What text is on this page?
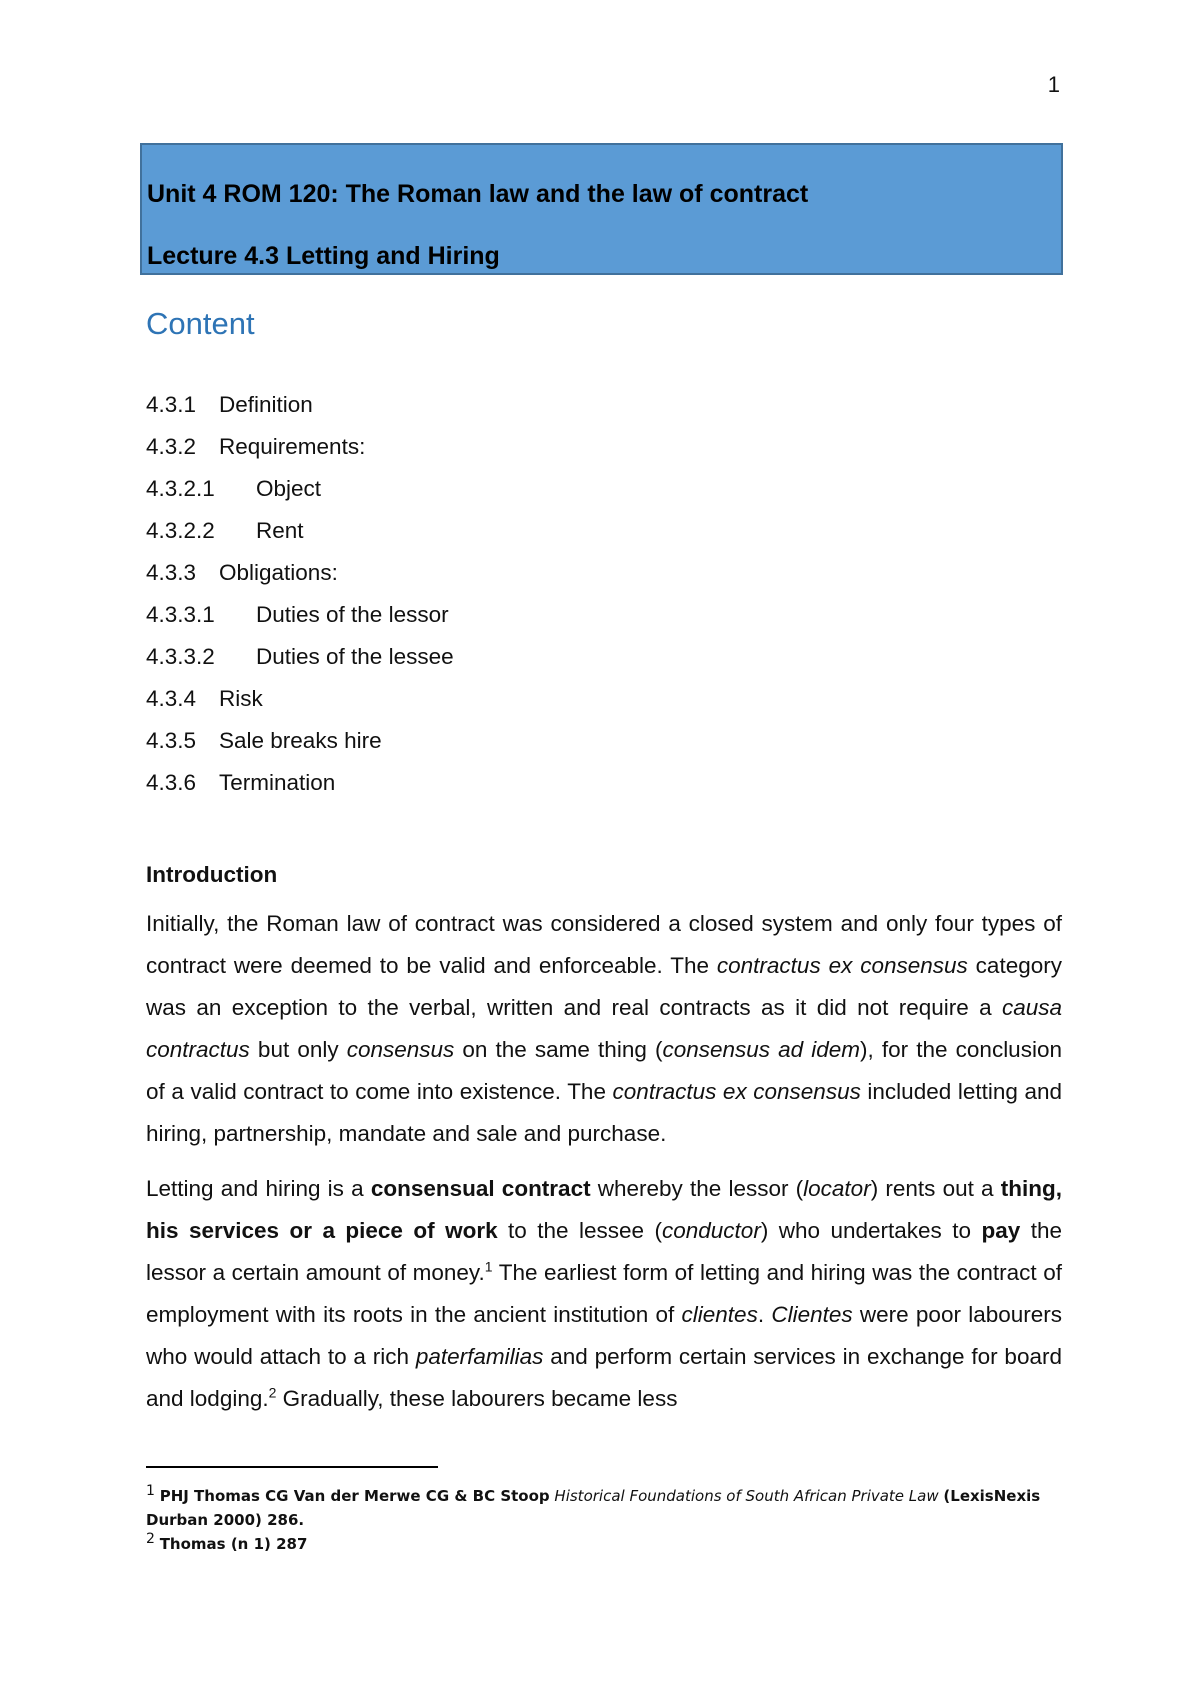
1
Unit 4 ROM 120: The Roman law and the law of contract
Lecture 4.3 Letting and Hiring
Content
4.3.1 Definition
4.3.2 Requirements:
4.3.2.1 Object
4.3.2.2 Rent
4.3.3 Obligations:
4.3.3.1 Duties of the lessor
4.3.3.2 Duties of the lessee
4.3.4 Risk
4.3.5 Sale breaks hire
4.3.6 Termination
Introduction

Initially, the Roman law of contract was considered a closed system and only four types of contract were deemed to be valid and enforceable. The contractus ex consensus category was an exception to the verbal, written and real contracts as it did not require a causa contractus but only consensus on the same thing (consensus ad idem), for the conclusion of a valid contract to come into existence. The contractus ex consensus included letting and hiring, partnership, mandate and sale and purchase.

Letting and hiring is a consensual contract whereby the lessor (locator) rents out a thing, his services or a piece of work to the lessee (conductor) who undertakes to pay the lessor a certain amount of money.$^1$ The earliest form of letting and hiring was the contract of employment with its roots in the ancient institution of clientes. Clientes were poor labourers who would attach to a rich paterfamilias and perform certain services in exchange for board and lodging.$^2$ Gradually, these labourers became less

$^1$ PHJ Thomas CG Van der Merwe CG & BC Stoop Historical Foundations of South African Private Law (LexisNexis Durban 2000) 286.

$^2$ Thomas (n 1) 287
